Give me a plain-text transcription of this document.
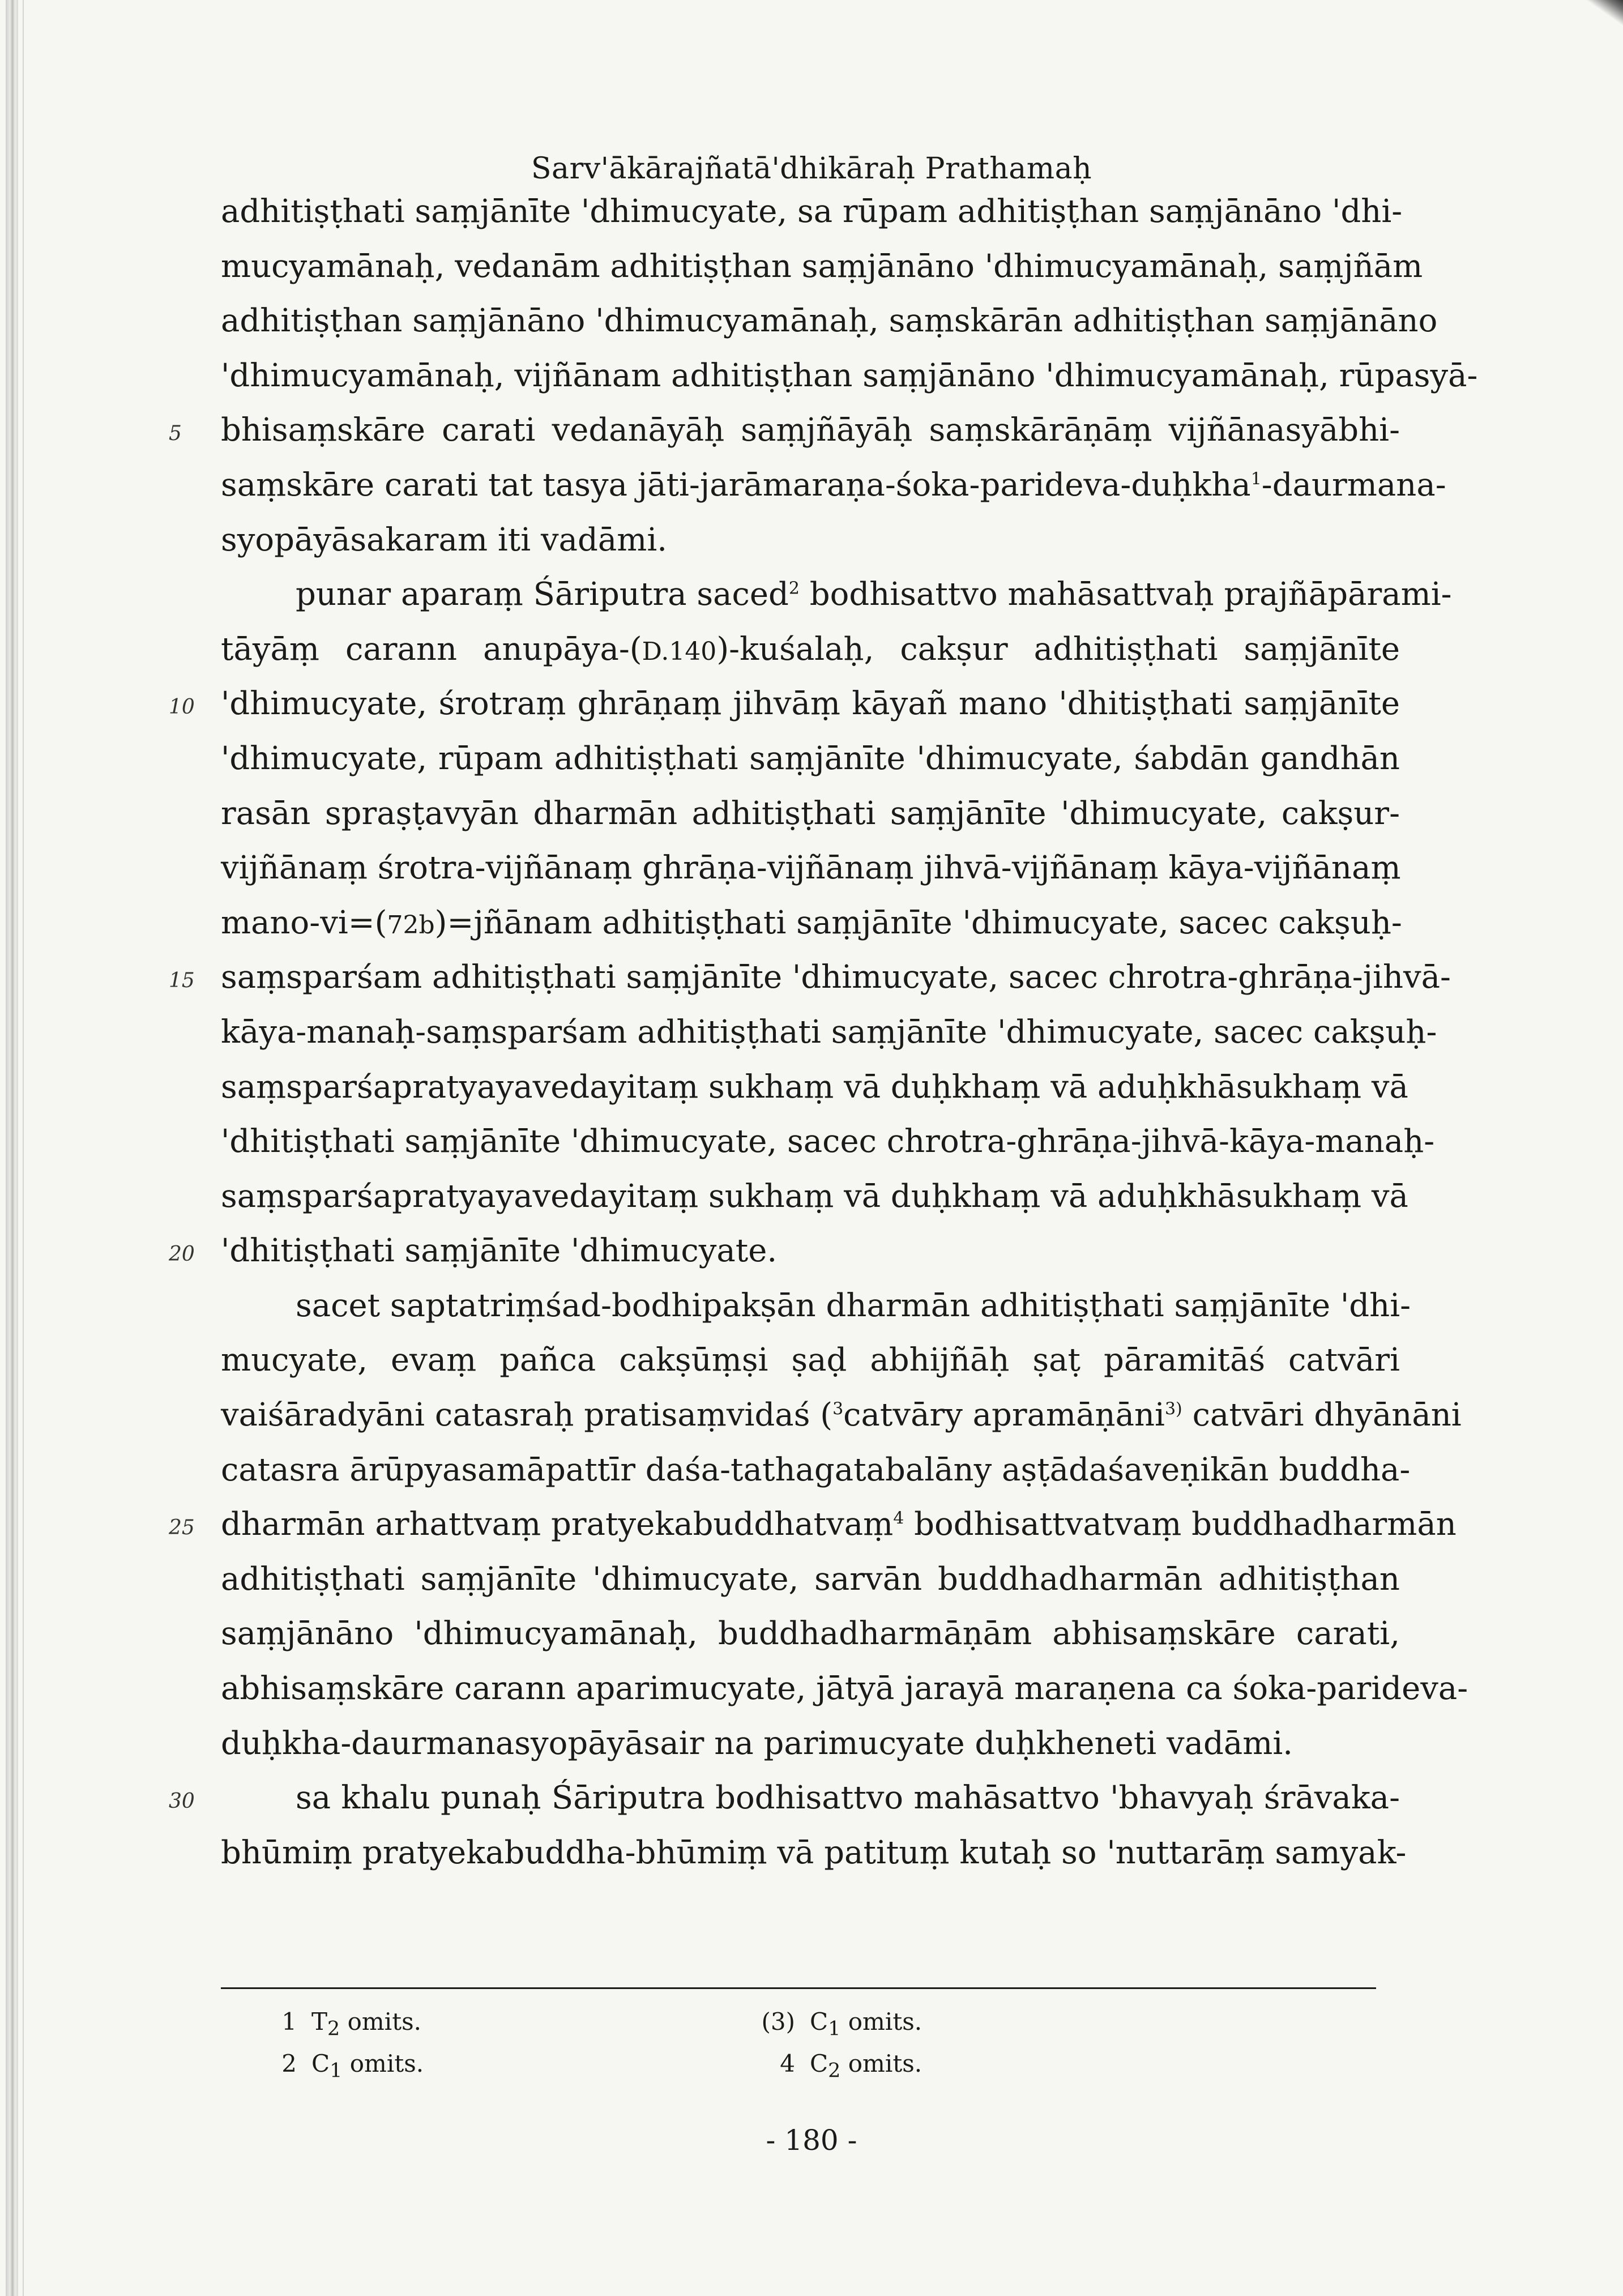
Sarv'ākārajñatā'dhikāraḥ Prathamaḥ
adhitiṣṭhati saṃjānīte 'dhimucyate, sa rūpam adhitiṣṭhan saṃjānāno 'dhi-
mucyamānaḥ, vedanām adhitiṣṭhan saṃjānāno 'dhimucyamānaḥ, saṃjñām
adhitiṣṭhan saṃjānāno 'dhimucyamānaḥ, saṃskārān adhitiṣṭhan saṃjānāno
'dhimucyamānaḥ, vijñānam adhitiṣṭhan saṃjānāno 'dhimucyamānaḥ, rūpasyā-
5 bhisaṃskāre carati vedanāyāḥ saṃjñāyāḥ saṃskārāṇāṃ vijñānasyābhi-
saṃskāre carati tat tasya jāti-jarāmaraṇa-śoka-parideva-duḥkha$^1$-daurmana-
syopāyāsakaram iti vadāmi.
punar aparaṃ Śāriputra saced$^2$ bodhisattvo mahāsattvaḥ prajñāpārami-
tāyāṃ carann anupāya-(D.140)-kuśalaḥ, cakṣur adhitiṣṭhati saṃjānīte
10 'dhimucyate, śrotraṃ ghrāṇaṃ jihvāṃ kāyañ mano 'dhitiṣṭhati saṃjānīte
'dhimucyate, rūpam adhitiṣṭhati saṃjānīte 'dhimucyate, śabdān gandhān
rasān spraṣṭavyān dharmān adhitiṣṭhati saṃjānīte 'dhimucyate, cakṣur-
vijñānaṃ śrotra-vijñānaṃ ghrāṇa-vijñānaṃ jihvā-vijñānaṃ kāya-vijñānaṃ
mano-vi=(72b)=jñānam adhitiṣṭhati saṃjānīte 'dhimucyate, sacec cakṣuḥ-
15 saṃsparśam adhitiṣṭhati saṃjānīte 'dhimucyate, sacec chrotra-ghrāṇa-jihvā-
kāya-manaḥ-saṃsparśam adhitiṣṭhati saṃjānīte 'dhimucyate, sacec cakṣuḥ-
saṃsparśapratyayavedayitaṃ sukhaṃ vā duḥkhaṃ vā aduḥkhāsukhaṃ vā
'dhitiṣṭhati saṃjānīte 'dhimucyate, sacec chrotra-ghrāṇa-jihvā-kāya-manaḥ-
saṃsparśapratyayavedayitaṃ sukhaṃ vā duḥkhaṃ vā aduḥkhāsukhaṃ vā
20 'dhitiṣṭhati saṃjānīte 'dhimucyate.
sacet saptatriṃśad-bodhipakṣān dharmān adhitiṣṭhati saṃjānīte 'dhi-
mucyate, evaṃ pañca cakṣūṃṣi ṣaḍ abhijñāḥ ṣaṭ pāramitāś catvāri
vaiśāradyāni catasraḥ pratisaṃvidaś ($^3$catvāry apramāṇāni$^{3)}$ catvāri dhyānāni
catasra ārūpyasamāpattīr daśa-tathagatabalāny aṣṭādaśaveṇikān buddha-
25 dharmān arhattvaṃ pratyekabuddhatvaṃ$^4$ bodhisattvatvaṃ buddhadharmān
adhitiṣṭhati saṃjānīte 'dhimucyate, sarvān buddhadharmān adhitiṣṭhan
saṃjānāno 'dhimucyamānaḥ, buddhadharmāṇām abhisaṃskāre carati,
abhisaṃskāre carann aparimucyate, jātyā jarayā maraṇena ca śoka-parideva-
duḥkha-daurmanasyopāyāsair na parimucyate duḥkheneti vadāmi.
30	sa khalu punaḥ Śāriputra bodhisattvo mahāsattvo 'bhavyaḥ śrāvaka-
bhūmiṃ pratyekabuddha-bhūmiṃ vā patituṃ kutaḥ so 'nuttarāṃ samyak-
1 $T_2$ omits.	(3) $C_1$ omits.
2 $C_1$ omits.	4 $C_2$ omits.
- 180 -
